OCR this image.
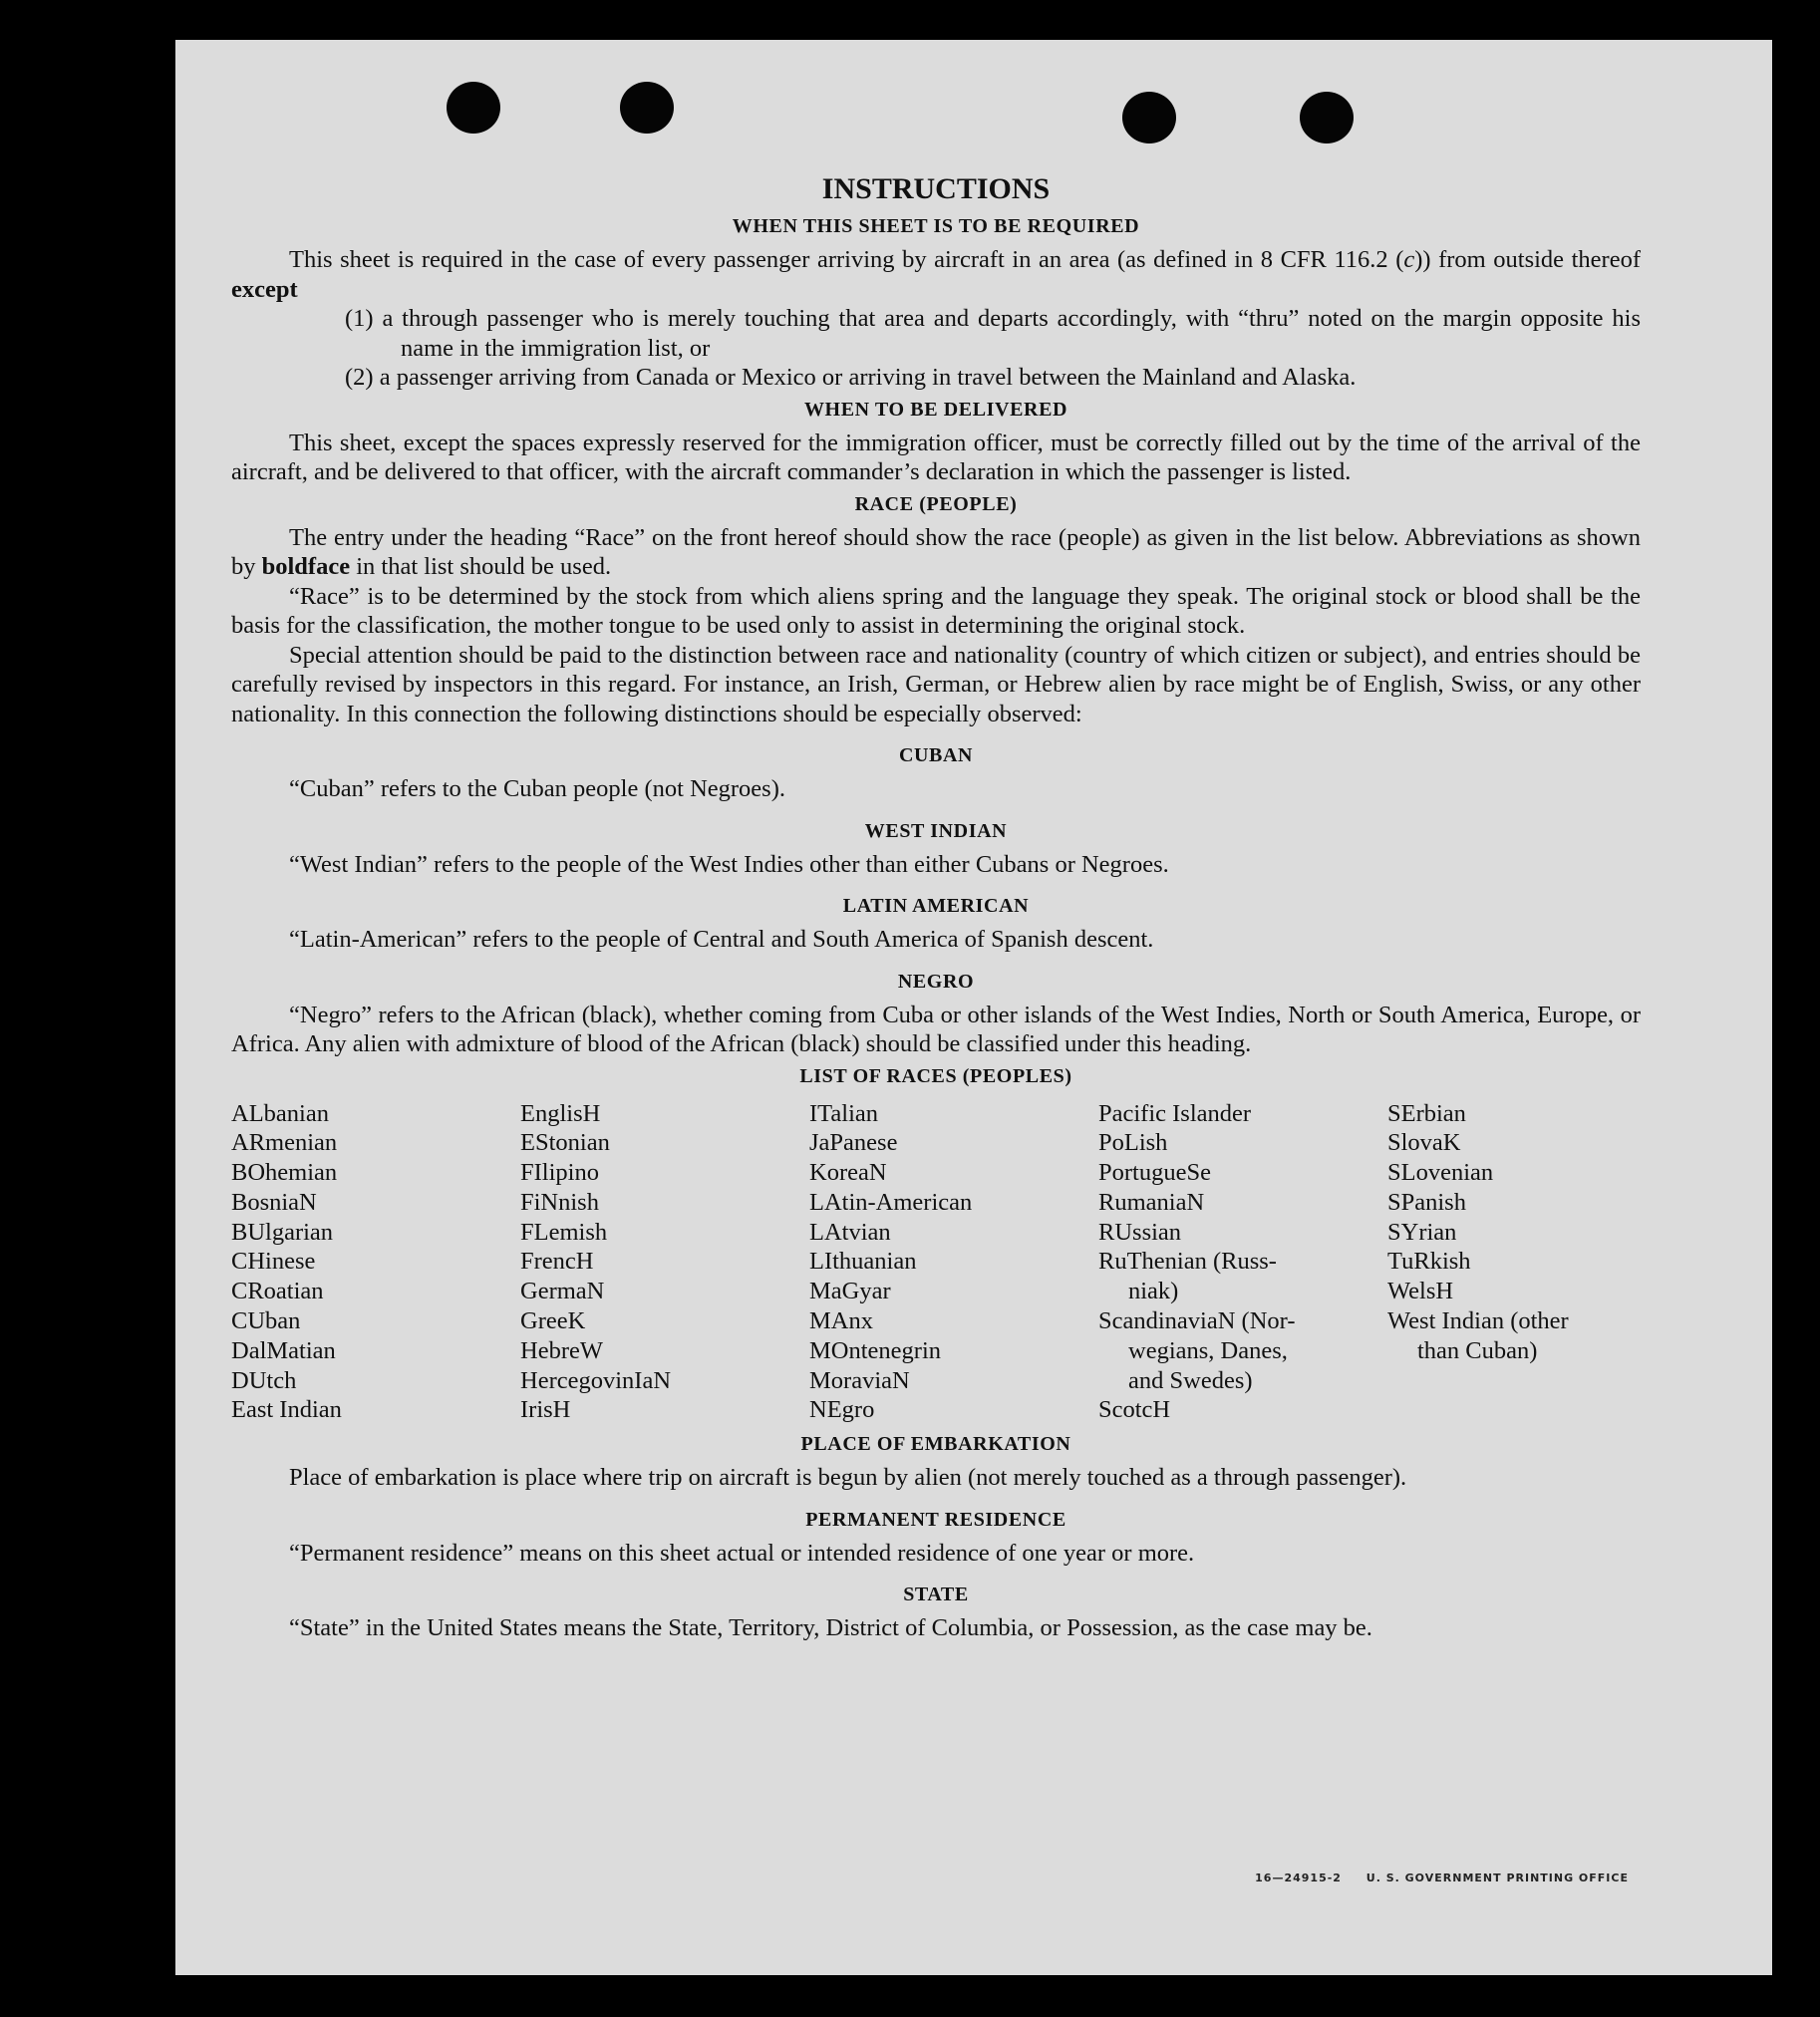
INSTRUCTIONS
WHEN THIS SHEET IS TO BE REQUIRED

This sheet is required in the case of every passenger arriving by aircraft in an area (as defined in 8 CFR 116.2 (c)) from outside thereof except

(1) a through passenger who is merely touching that area and departs accordingly, with “thru” noted on the margin opposite his name in the immigration list, or
(2) a passenger arriving from Canada or Mexico or arriving in travel between the Mainland and Alaska.
WHEN TO BE DELIVERED

This sheet, except the spaces expressly reserved for the immigration officer, must be correctly filled out by the time of the arrival of the aircraft, and be delivered to that officer, with the aircraft commander’s declaration in which the passenger is listed.

RACE (PEOPLE)

The entry under the heading “Race” on the front hereof should show the race (people) as given in the list below. Abbreviations as shown by boldface in that list should be used.

“Race” is to be determined by the stock from which aliens spring and the language they speak. The original stock or blood shall be the basis for the classification, the mother tongue to be used only to assist in determining the original stock.

Special attention should be paid to the distinction between race and nationality (country of which citizen or subject), and entries should be carefully revised by inspectors in this regard. For instance, an Irish, German, or Hebrew alien by race might be of English, Swiss, or any other nationality. In this connection the following distinctions should be especially observed:

CUBAN

“Cuban” refers to the Cuban people (not Negroes).

WEST INDIAN

“West Indian” refers to the people of the West Indies other than either Cubans or Negroes.

LATIN AMERICAN

“Latin-American” refers to the people of Central and South America of Spanish descent.

NEGRO

“Negro” refers to the African (black), whether coming from Cuba or other islands of the West Indies, North or South America, Europe, or Africa. Any alien with admixture of blood of the African (black) should be classified under this heading.

LIST OF RACES (PEOPLES)
ALbanian
ARmenian
BOhemian
BosniaN
BUlgarian
CHinese
CRoatian
CUban
DalMatian
DUtch
East Indian
EnglisH
EStonian
FIlipino
FiNnish
FLemish
FrencH
GermaN
GreeK
HebreW
HercegovinIaN
IrisH
ITalian
JaPanese
KoreaN
LAtin-American
LAtvian
LIthuanian
MaGyar
MAnx
MOntenegrin
MoraviaN
NEgro
Pacific Islander
PoLish
PortugueSe
RumaniaN
RUssian
RuThenian (Russ-
niak)
ScandinaviaN (Nor-
wegians, Danes,
and Swedes)
ScotcH
SErbian
SlovaK
SLovenian
SPanish
SYrian
TuRkish
WelsH
West Indian (other
than Cuban)
PLACE OF EMBARKATION

Place of embarkation is place where trip on aircraft is begun by alien (not merely touched as a through passenger).

PERMANENT RESIDENCE

“Permanent residence” means on this sheet actual or intended residence of one year or more.

STATE

“State” in the United States means the State, Territory, District of Columbia, or Possession, as the case may be.

16—24915-2 U. S. GOVERNMENT PRINTING OFFICE
